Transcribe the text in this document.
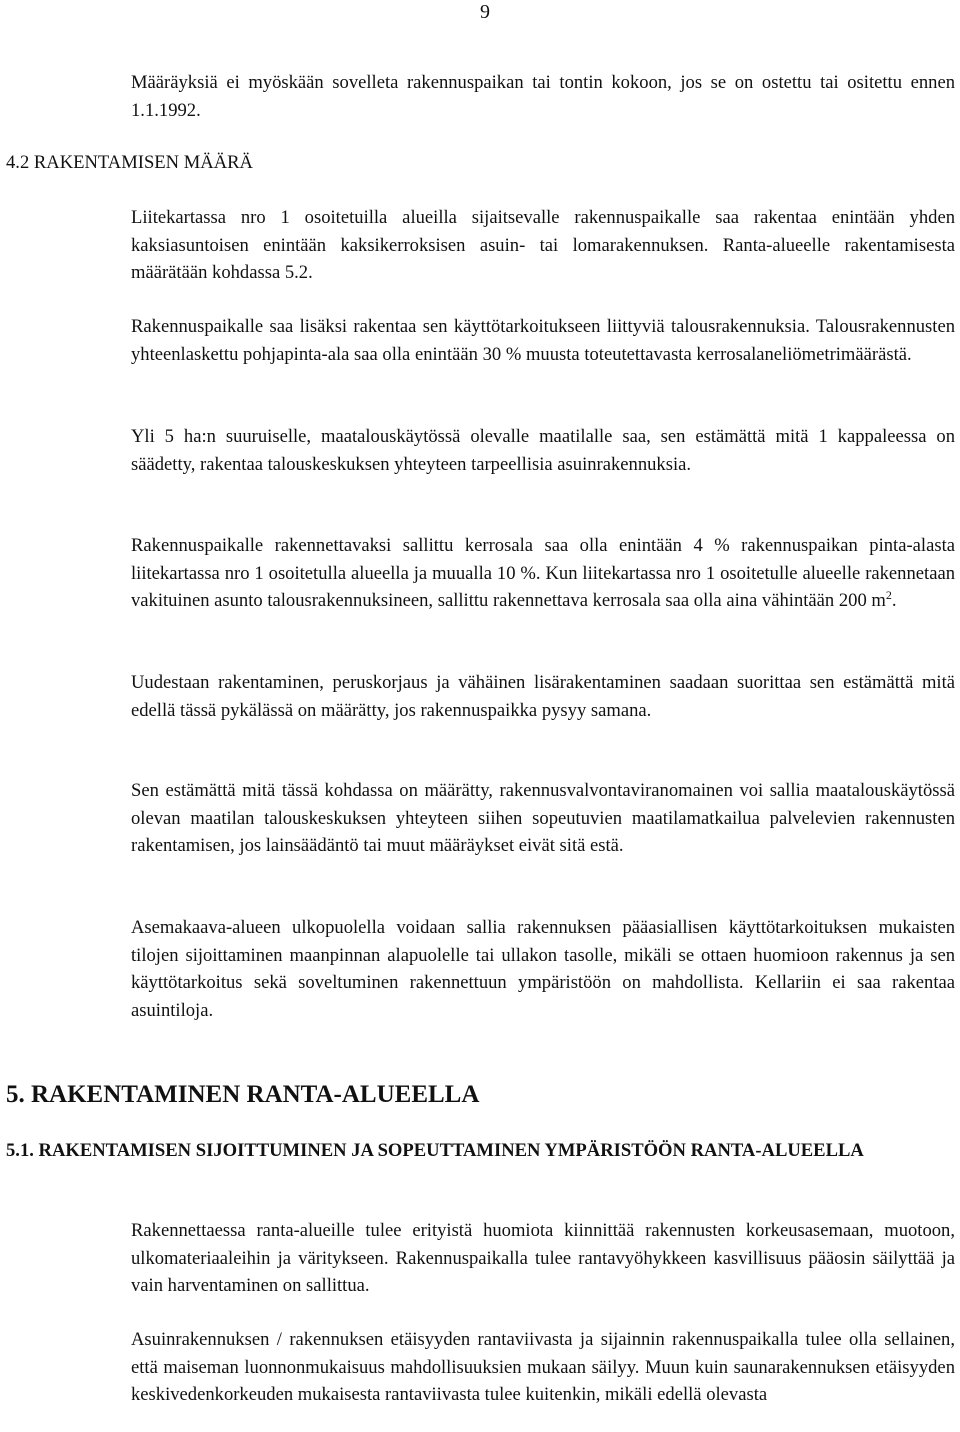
9

Määräyksiä ei myöskään sovelleta rakennuspaikan tai tontin kokoon, jos se on ostettu tai ositettu ennen 1.1.1992.

4.2 RAKENTAMISEN MÄÄRÄ

Liitekartassa nro 1 osoitetuilla alueilla sijaitsevalle rakennuspaikalle saa rakentaa enintään yhden kaksiasuntoisen enintään kaksikerroksisen asuin- tai lomarakennuksen. Ranta-alueelle rakentamisesta määrätään kohdassa 5.2.

Rakennuspaikalle saa lisäksi rakentaa sen käyttötarkoitukseen liittyviä talousrakennuksia. Talousrakennusten yhteenlaskettu pohjapinta-ala saa olla enintään 30 % muusta toteutettavasta kerrosalaneliömetrimäärästä.

Yli 5 ha:n suuruiselle, maatalouskäytössä olevalle maatilalle saa, sen estämättä mitä 1 kappaleessa on säädetty, rakentaa talouskeskuksen yhteyteen tarpeellisia asuinrakennuksia.

Rakennuspaikalle rakennettavaksi sallittu kerrosala saa olla enintään 4 % rakennuspaikan pinta-alasta liitekartassa nro 1 osoitetulla alueella ja muualla 10 %. Kun liitekartassa nro 1 osoitetulle alueelle rakennetaan vakituinen asunto talousrakennuksineen, sallittu rakennettava kerrosala saa olla aina vähintään 200 $m^2$.

Uudestaan rakentaminen, peruskorjaus ja vähäinen lisärakentaminen saadaan suorittaa sen estämättä mitä edellä tässä pykälässä on määrätty, jos rakennuspaikka pysyy samana.

Sen estämättä mitä tässä kohdassa on määrätty, rakennusvalvontaviranomainen voi sallia maatalouskäytössä olevan maatilan talouskeskuksen yhteyteen siihen sopeutuvien maatilamatkailua palvelevien rakennusten rakentamisen, jos lainsäädäntö tai muut määräykset eivät sitä estä.

Asemakaava-alueen ulkopuolella voidaan sallia rakennuksen pääasiallisen käyttötarkoituksen mukaisten tilojen sijoittaminen maanpinnan alapuolelle tai ullakon tasolle, mikäli se ottaen huomioon rakennus ja sen käyttötarkoitus sekä soveltuminen rakennettuun ympäristöön on mahdollista. Kellariin ei saa rakentaa asuintiloja.

5. RAKENTAMINEN RANTA-ALUEELLA
5.1. RAKENTAMISEN SIJOITTUMINEN JA SOPEUTTAMINEN YMPÄRISTÖÖN RANTA-ALUEELLA

Rakennettaessa ranta-alueille tulee erityistä huomiota kiinnittää rakennusten korkeusasemaan, muotoon, ulkomateriaaleihin ja väritykseen. Rakennuspaikalla tulee rantavyöhykkeen kasvillisuus pääosin säilyttää ja vain harventaminen on sallittua.

Asuinrakennuksen / rakennuksen etäisyyden rantaviivasta ja sijainnin rakennuspaikalla tulee olla sellainen, että maiseman luonnonmukaisuus mahdollisuuksien mukaan säilyy. Muun kuin saunarakennuksen etäisyyden keskivedenkorkeuden mukaisesta rantaviivasta tulee kuitenkin, mikäli edellä olevasta
